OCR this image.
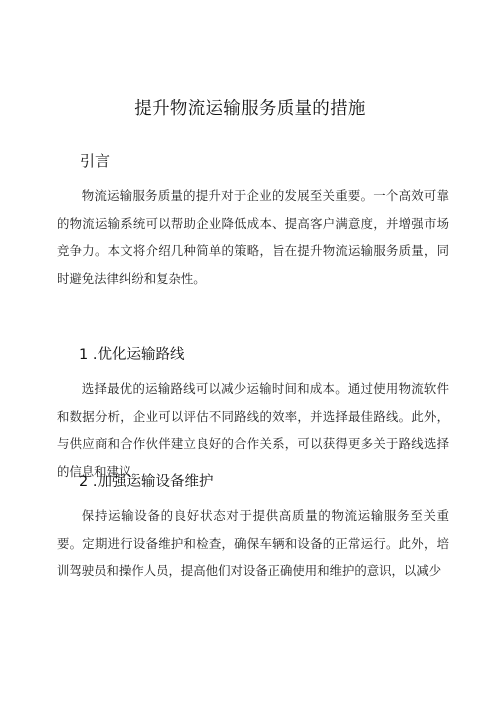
提升物流运输服务质量的措施
引言

物流运输服务质量的提升对于企业的发展至关重要。一个高效可靠的物流运输系统可以帮助企业降低成本、提高客户满意度，并增强市场竞争力。本文将介绍几种简单的策略，旨在提升物流运输服务质量，同时避免法律纠纷和复杂性。

1 .优化运输路线

选择最优的运输路线可以减少运输时间和成本。通过使用物流软件和数据分析，企业可以评估不同路线的效率，并选择最佳路线。此外，与供应商和合作伙伴建立良好的合作关系，可以获得更多关于路线选择的信息和建议。

2 .加强运输设备维护

保持运输设备的良好状态对于提供高质量的物流运输服务至关重要。定期进行设备维护和检查，确保车辆和设备的正常运行。此外，培训驾驶员和操作人员，提高他们对设备正确使用和维护的意识，以减少
